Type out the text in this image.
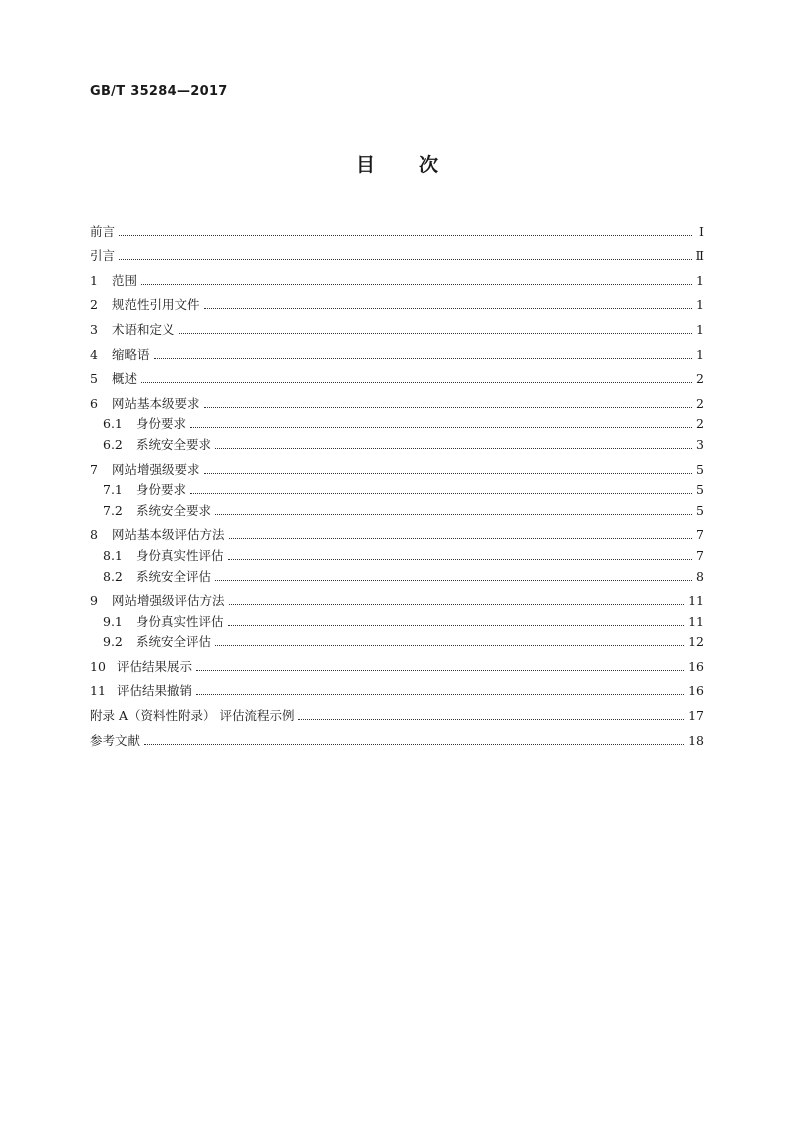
GB/T 35284—2017
目次
前言	Ⅰ
引言	Ⅱ
1 范围	1
2 规范性引用文件	1
3 术语和定义	1
4 缩略语	1
5 概述	2
6 网站基本级要求	2
6.1 身份要求	2
6.2 系统安全要求	3
7 网站增强级要求	5
7.1 身份要求	5
7.2 系统安全要求	5
8 网站基本级评估方法	7
8.1 身份真实性评估	7
8.2 系统安全评估	8
9 网站增强级评估方法	11
9.1 身份真实性评估	11
9.2 系统安全评估	12
10 评估结果展示	16
11 评估结果撤销	16
附录 A（资料性附录） 评估流程示例	17
参考文献	18
